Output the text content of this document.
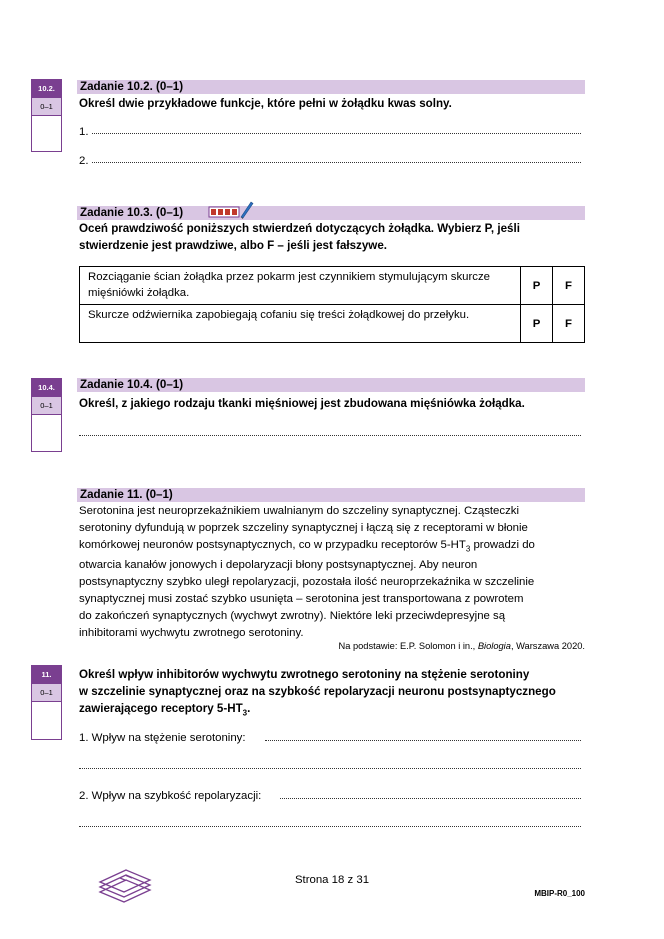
10.2.
0–1
Zadanie 10.2. (0–1)
Określ dwie przykładowe funkcje, które pełni w żołądku kwas solny.
1.
2.
Zadanie 10.3. (0–1)
Oceń prawdziwość poniższych stwierdzeń dotyczących żołądka. Wybierz P, jeśli stwierdzenie jest prawdziwe, albo F – jeśli jest fałszywe.
Rozciąganie ścian żołądka przez pokarm jest czynnikiem stymulującym skurcze mięśniówki żołądka.	P	F
Skurcze odźwiernika zapobiegają cofaniu się treści żołądkowej do przełyku.	P	F
10.4.
0–1
Zadanie 10.4. (0–1)
Określ, z jakiego rodzaju tkanki mięśniowej jest zbudowana mięśniówka żołądka.
Zadanie 11. (0–1)
Serotonina jest neuroprzekaźnikiem uwalnianym do szczeliny synaptycznej. Cząsteczki
serotoniny dyfundują w poprzek szczeliny synaptycznej i łączą się z receptorami w błonie
komórkowej neuronów postsynaptycznych, co w przypadku receptorów $5-HT_3$ prowadzi do
otwarcia kanałów jonowych i depolaryzacji błony postsynaptycznej. Aby neuron
postsynaptyczny szybko uległ repolaryzacji, pozostała ilość neuroprzekaźnika w szczelinie
synaptycznej musi zostać szybko usunięta – serotonina jest transportowana z powrotem
do zakończeń synaptycznych (wychwyt zwrotny). Niektóre leki przeciwdepresyjne są
inhibitorami wychwytu zwrotnego serotoniny.
Na podstawie: E.P. Solomon i in., Biologia, Warszawa 2020.
11.
0–1
Określ wpływ inhibitorów wychwytu zwrotnego serotoniny na stężenie serotoniny
w szczelinie synaptycznej oraz na szybkość repolaryzacji neuronu postsynaptycznego
zawierającego receptory $5-HT_3$.
1. Wpływ na stężenie serotoniny:
2. Wpływ na szybkość repolaryzacji:
Strona 18 z 31
MBIP-R0_100
